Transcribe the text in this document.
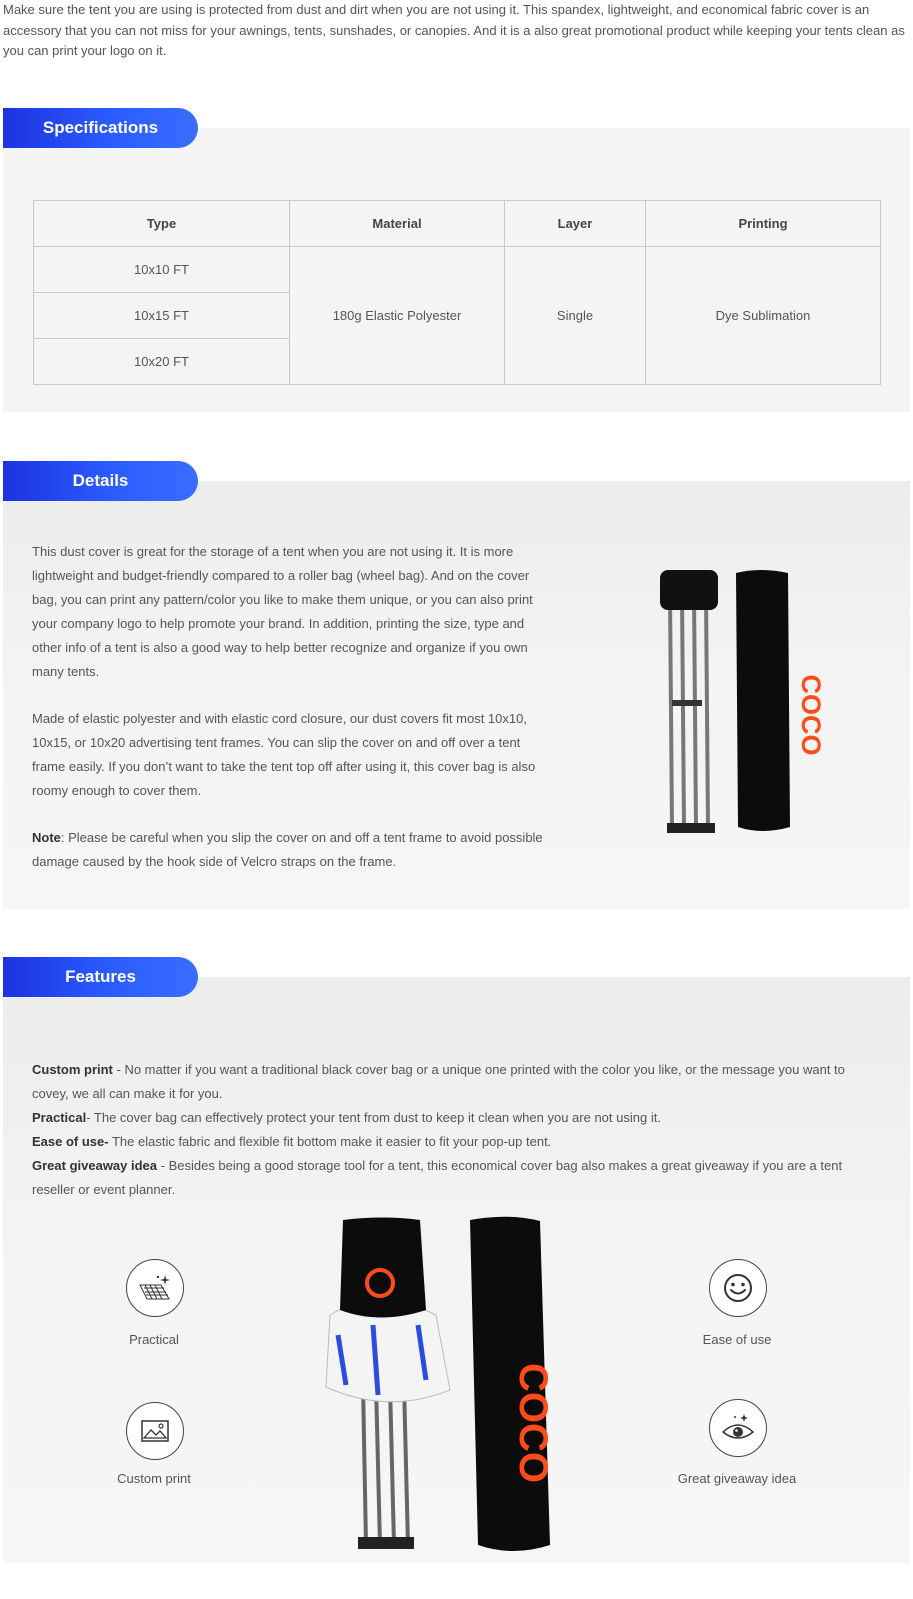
Make sure the tent you are using is protected from dust and dirt when you are not using it. This spandex, lightweight, and economical fabric cover is an accessory that you can not miss for your awnings, tents, sunshades, or canopies. And it is a also great promotional product while keeping your tents clean as you can print your logo on it.
Specifications
Type	Material	Layer	Printing
10x10 FT	180g Elastic Polyester	Single	Dye Sublimation
10x15 FT			
10x20 FT			
Details

This dust cover is great for the storage of a tent when you are not using it. It is more lightweight and budget-friendly compared to a roller bag (wheel bag). And on the cover bag, you can print any pattern/color you like to make them unique, or you can also print your company logo to help promote your brand. In addition, printing the size, type and other info of a tent is also a good way to help better recognize and organize if you own many tents.

Made of elastic polyester and with elastic cord closure, our dust covers fit most 10x10, 10x15, or 10x20 advertising tent frames. You can slip the cover on and off over a tent frame easily. If you don’t want to take the tent top off after using it, this cover bag is also roomy enough to cover them.

Note: Please be careful when you slip the cover on and off a tent frame to avoid possible damage caused by the hook side of Velcro straps on the frame.

COCO
Features

Custom print - No matter if you want a traditional black cover bag or a unique one printed with the color you like, or the message you want to covey, we all can make it for you.

Practical- The cover bag can effectively protect your tent from dust to keep it clean when you are not using it.

Ease of use- The elastic fabric and flexible fit bottom make it easier to fit your pop-up tent.

Great giveaway idea - Besides being a good storage tool for a tent, this economical cover bag also makes a great giveaway if you are a tent reseller or event planner.

Practical
Custom print
Ease of use
Great giveaway idea
COCO
